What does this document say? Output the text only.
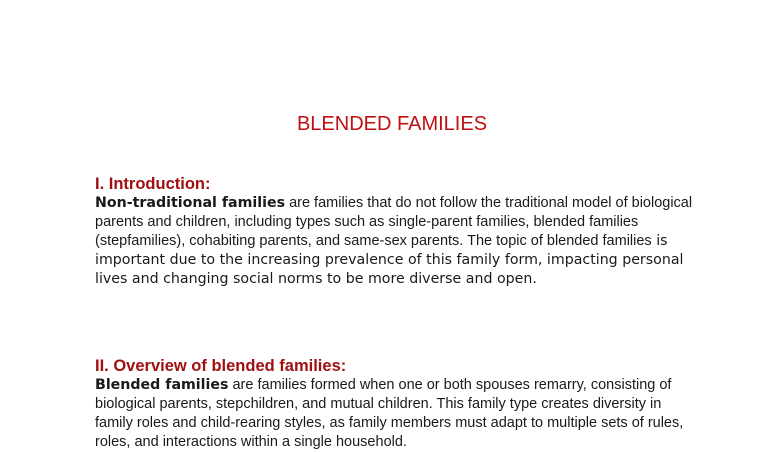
BLENDED FAMILIES
I. Introduction:

Non-traditional families are families that do not follow the traditional model of biological parents and children, including types such as single-parent families, blended families (stepfamilies), cohabiting parents, and same-sex parents. The topic of blended families is important due to the increasing prevalence of this family form, impacting personal lives and changing social norms to be more diverse and open.

II. Overview of blended families:

Blended families are families formed when one or both spouses remarry, consisting of biological parents, stepchildren, and mutual children. This family type creates diversity in family roles and child-rearing styles, as family members must adapt to multiple sets of rules, roles, and interactions within a single household.
